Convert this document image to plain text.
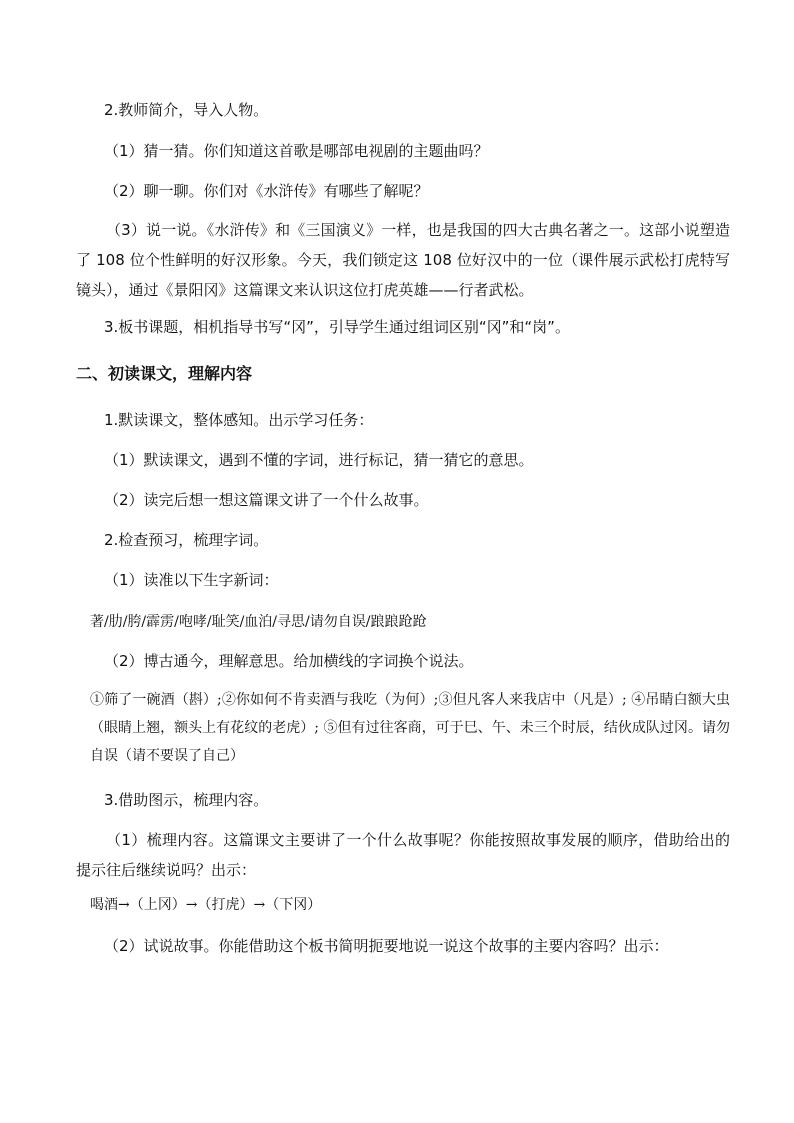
2.教师简介，导入人物。
（1）猜一猜。你们知道这首歌是哪部电视剧的主题曲吗？
（2）聊一聊。你们对《水浒传》有哪些了解呢？
（3）说一说。《水浒传》和《三国演义》一样，也是我国的四大古典名著之一。这部小说塑造了 108 位个性鲜明的好汉形象。今天，我们锁定这 108 位好汉中的一位（课件展示武松打虎特写镜头），通过《景阳冈》这篇课文来认识这位打虎英雄——行者武松。
3.板书课题，相机指导书写“冈”，引导学生通过组词区别“冈”和“岗”。
二、初读课文，理解内容
1.默读课文，整体感知。出示学习任务：
（1）默读课文，遇到不懂的字词，进行标记，猜一猜它的意思。
（2）读完后想一想这篇课文讲了一个什么故事。
2.检查预习，梳理字词。
（1）读准以下生字新词：
著/肋/胯/霹雳/咆哮/耻笑/血泊/寻思/请勿自误/踉踉跄跄
（2）博古通今，理解意思。给加横线的字词换个说法。
①筛了一碗酒（斟）;②你如何不肯卖酒与我吃（为何）;③但凡客人来我店中（凡是）; ④吊睛白额大虫（眼睛上翘，额头上有花纹的老虎）; ⑤但有过往客商，可于巳、午、未三个时辰，结伙成队过冈。请勿自误（请不要误了自己）
3.借助图示，梳理内容。
（1）梳理内容。这篇课文主要讲了一个什么故事呢？你能按照故事发展的顺序，借助给出的提示往后继续说吗？出示：
喝酒→（上冈）→（打虎）→（下冈）
（2）试说故事。你能借助这个板书简明扼要地说一说这个故事的主要内容吗？出示：
